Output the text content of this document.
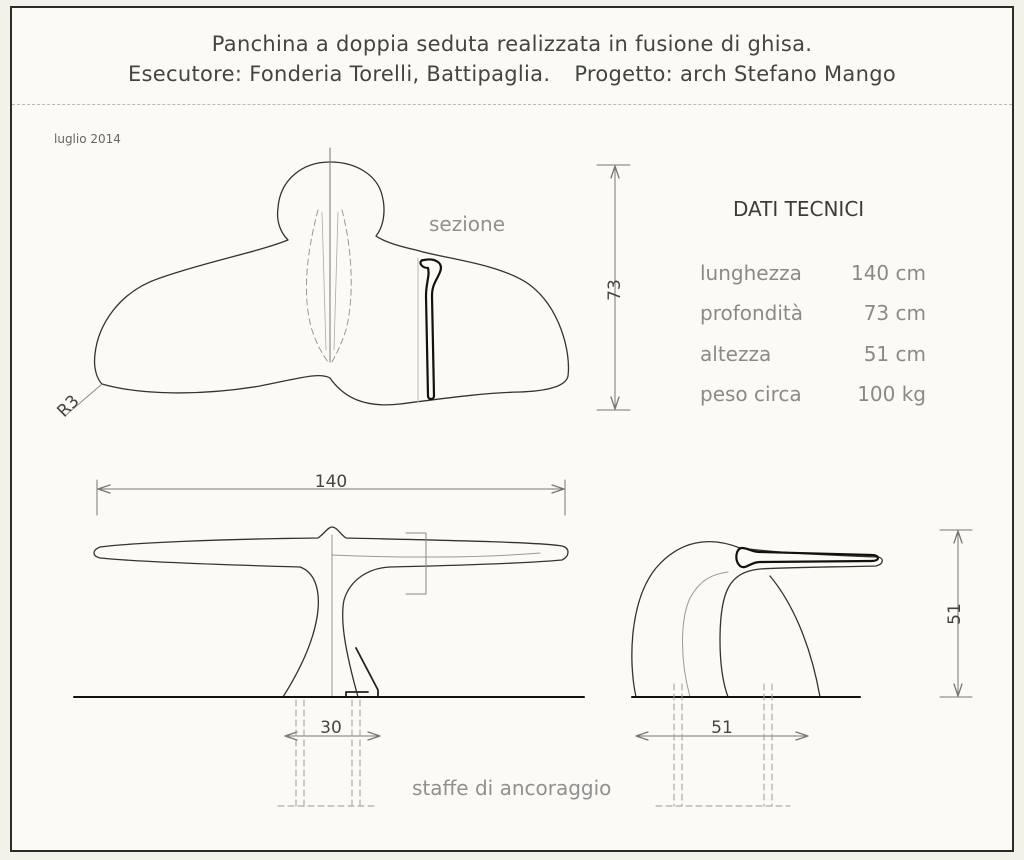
Panchina a doppia seduta realizzata in fusione di ghisa.
Esecutore: Fonderia Torelli, Battipaglia. Progetto: arch Stefano Mango
luglio 2014
sezione
staffe di ancoraggio
DATI TECNICI
lunghezza 140 cm
profondità	73 cm
altezza	51 cm
peso circa	100 kg
R3
73
140
30
51
51
